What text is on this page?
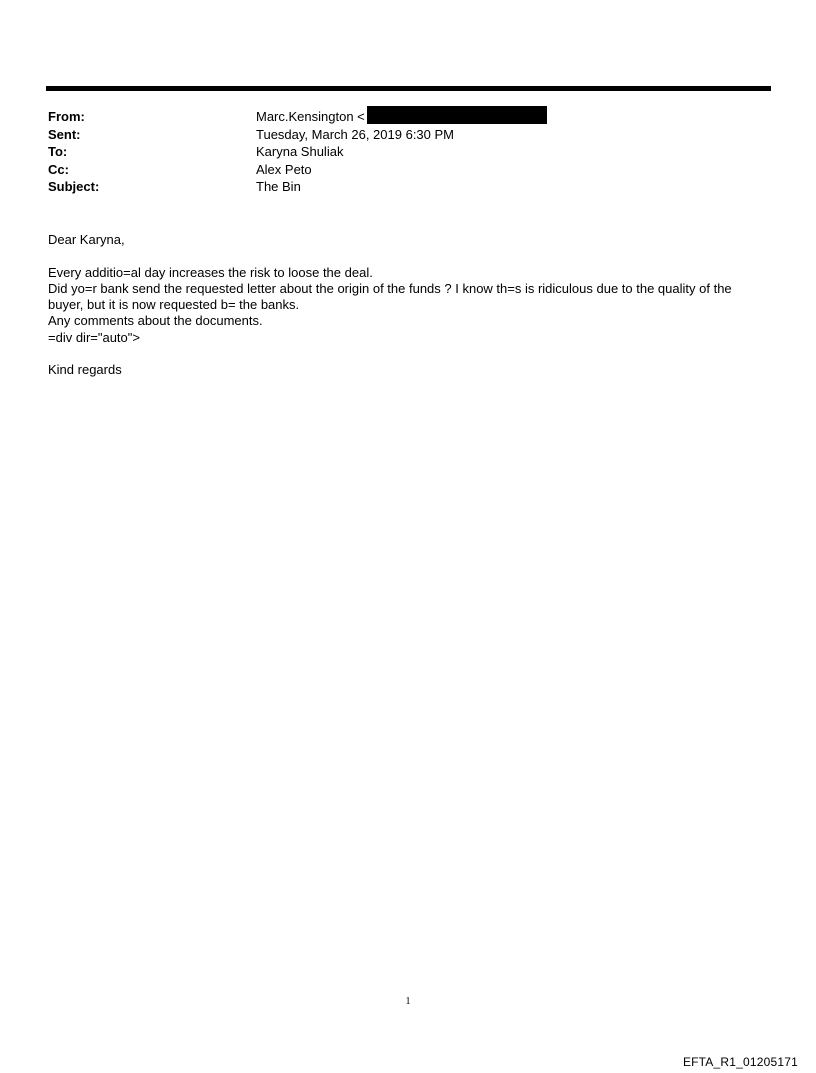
From:	Marc.Kensington <
Sent:	Tuesday, March 26, 2019 6:30 PM
To:	Karyna Shuliak
Cc:	Alex Peto
Subject:	The Bin
Dear Karyna,
Every additio=al day increases the risk to loose the deal.
Did yo=r bank send the requested letter about the origin of the funds ? I know th=s is ridiculous due to the quality of the
buyer, but it is now requested b= the banks.
Any comments about the documents.
=div dir="auto">
Kind regards
1
EFTA_R1_01205171
